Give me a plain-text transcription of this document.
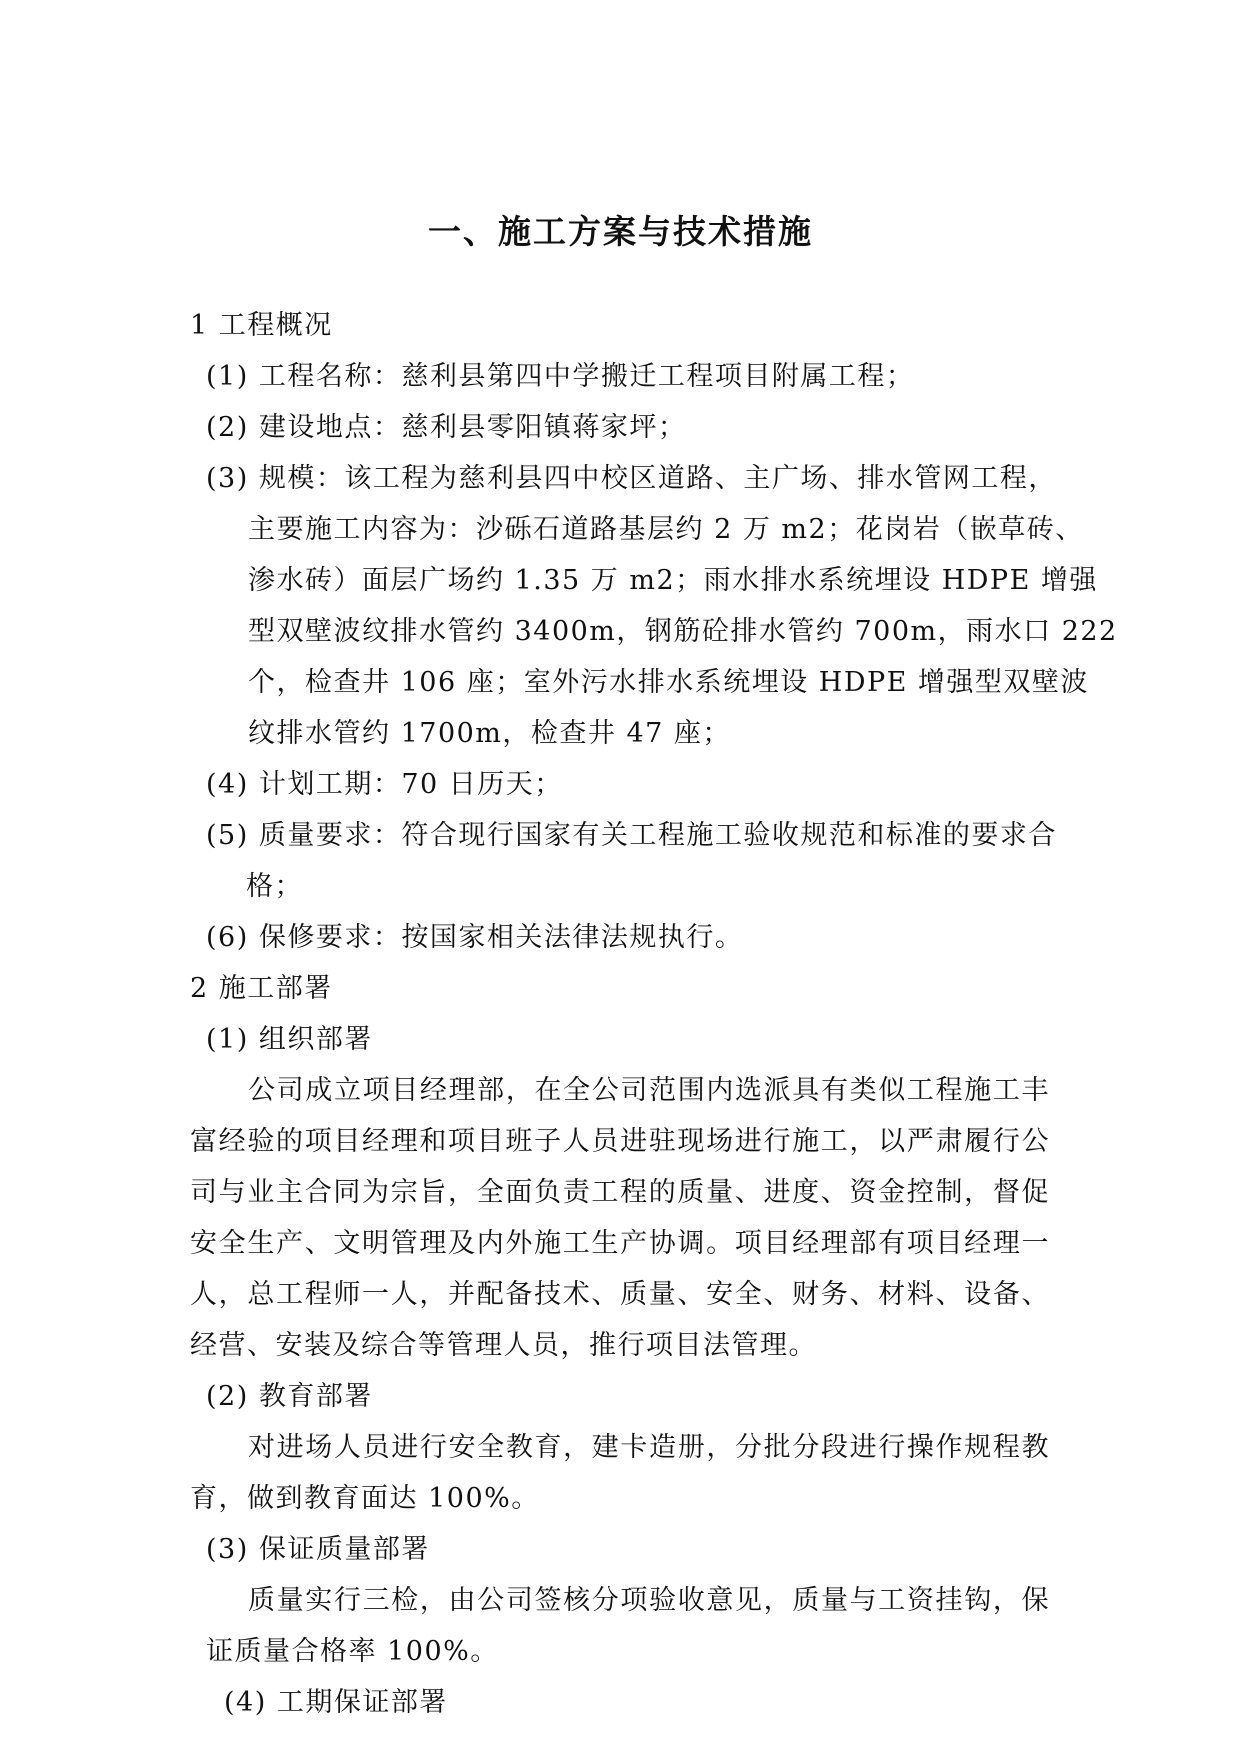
一、施工方案与技术措施
1 工程概况
(1) 工程名称：慈利县第四中学搬迁工程项目附属工程；
(2) 建设地点：慈利县零阳镇蒋家坪；
(3) 规模：该工程为慈利县四中校区道路、主广场、排水管网工程，
主要施工内容为：沙砾石道路基层约 2 万 m2；花岗岩（嵌草砖、
渗水砖）面层广场约 1.35 万 m2；雨水排水系统埋设 HDPE 增强
型双壁波纹排水管约 3400m，钢筋砼排水管约 700m，雨水口 222
个，检查井 106 座；室外污水排水系统埋设 HDPE 增强型双壁波
纹排水管约 1700m，检查井 47 座；
(4) 计划工期：70 日历天；
(5) 质量要求：符合现行国家有关工程施工验收规范和标准的要求合
格；
(6) 保修要求：按国家相关法律法规执行。
2 施工部署
(1) 组织部署
公司成立项目经理部，在全公司范围内选派具有类似工程施工丰
富经验的项目经理和项目班子人员进驻现场进行施工，以严肃履行公
司与业主合同为宗旨，全面负责工程的质量、进度、资金控制，督促
安全生产、文明管理及内外施工生产协调。项目经理部有项目经理一
人，总工程师一人，并配备技术、质量、安全、财务、材料、设备、
经营、安装及综合等管理人员，推行项目法管理。
(2) 教育部署
对进场人员进行安全教育，建卡造册，分批分段进行操作规程教
育，做到教育面达 100%。
(3) 保证质量部署
质量实行三检，由公司签核分项验收意见，质量与工资挂钩，保
证质量合格率 100%。
(4) 工期保证部署
